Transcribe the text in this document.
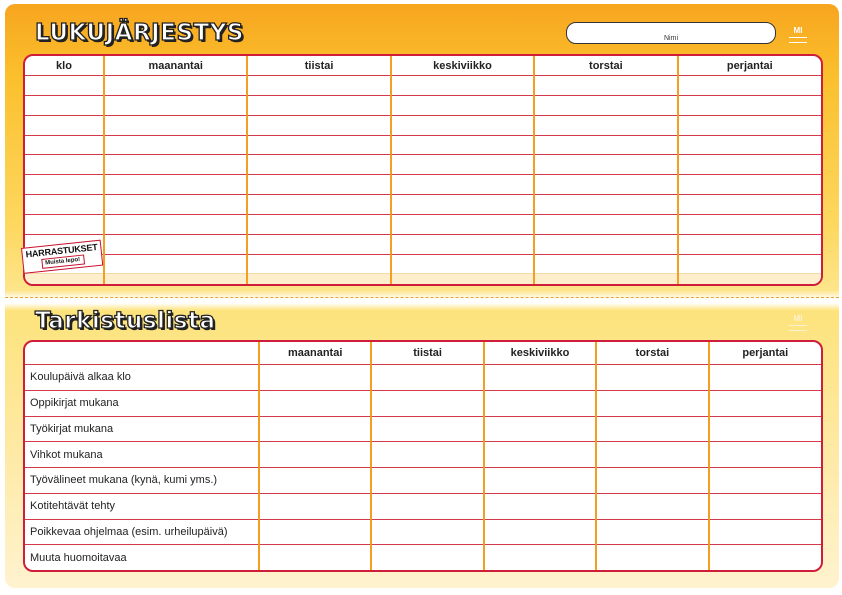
LUKUJÄRJESTYS	Nimi
MI
klo	maanantai	tiistai	keskiviikko	torstai	perjantai

HARRASTUKSET
Muista lepo!
Tarkistuslista	MI
	maanantai	tiistai	keskiviikko	torstai	perjantai
Koulupäivä alkaa klo					
Oppikirjat mukana					
Työkirjat mukana					
Vihkot mukana					
Työvälineet mukana (kynä, kumi yms.)					
Kotitehtävät tehty					
Poikkevaa ohjelmaa (esim. urheilupäivä)					
Muuta huomoitavaa					
